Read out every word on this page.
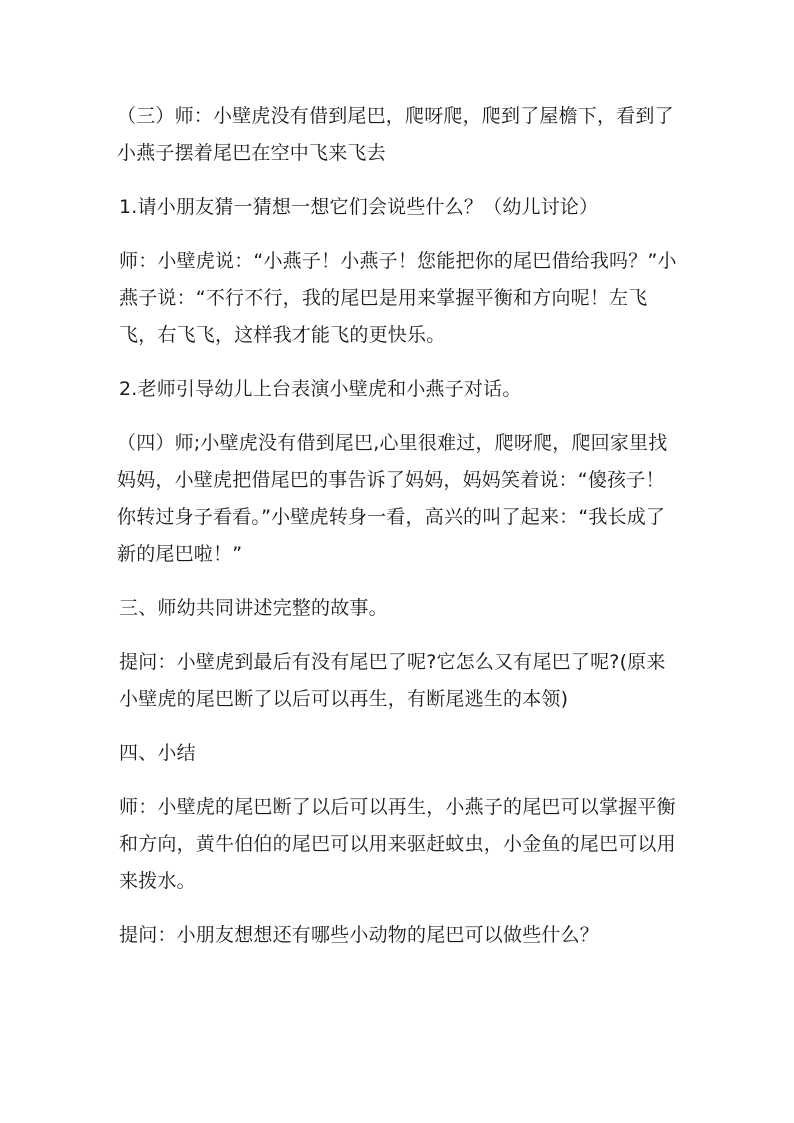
（三）师：小壁虎没有借到尾巴，爬呀爬，爬到了屋檐下，看到了小燕子摆着尾巴在空中飞来飞去

1.请小朋友猜一猜想一想它们会说些什么？（幼儿讨论）

师：小壁虎说：“小燕子！小燕子！您能把你的尾巴借给我吗？”小燕子说：“不行不行，我的尾巴是用来掌握平衡和方向呢！左飞飞，右飞飞，这样我才能飞的更快乐。

2.老师引导幼儿上台表演小壁虎和小燕子对话。

（四）师;小壁虎没有借到尾巴,心里很难过，爬呀爬，爬回家里找妈妈，小壁虎把借尾巴的事告诉了妈妈，妈妈笑着说：“傻孩子！你转过身子看看。”小壁虎转身一看，高兴的叫了起来：“我长成了新的尾巴啦！”

三、师幼共同讲述完整的故事。

提问：小壁虎到最后有没有尾巴了呢?它怎么又有尾巴了呢?(原来小壁虎的尾巴断了以后可以再生，有断尾逃生的本领)

四、小结

师：小壁虎的尾巴断了以后可以再生，小燕子的尾巴可以掌握平衡和方向，黄牛伯伯的尾巴可以用来驱赶蚊虫，小金鱼的尾巴可以用来拨水。

提问：小朋友想想还有哪些小动物的尾巴可以做些什么？
